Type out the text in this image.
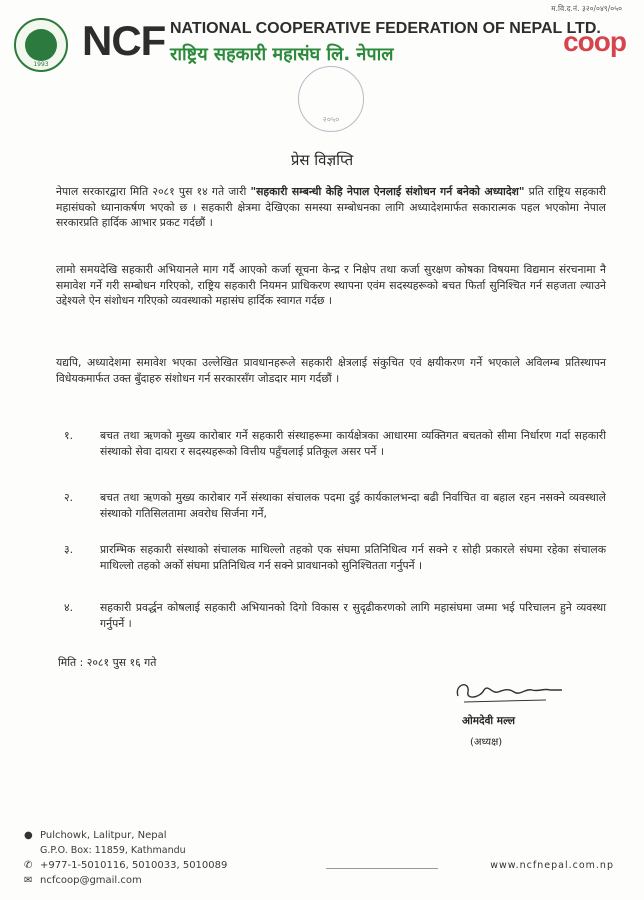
म.वि.द.नं. ३२०/०४९/०५०
1993
NCF NATIONAL COOPERATIVE FEDERATION OF NEPAL LTD.
राष्ट्रिय सहकारी महासंघ लि. नेपाल	coop
२०५०
प्रेस विज्ञप्ति
नेपाल सरकारद्वारा मिति २०८१ पुस १४ गते जारी "सहकारी सम्बन्धी केहि नेपाल ऐनलाई संशोधन गर्न बनेको अध्यादेश" प्रति राष्ट्रिय सहकारी महासंघको ध्यानाकर्षण भएको छ । सहकारी क्षेत्रमा देखिएका समस्या सम्बोधनका लागि अध्यादेशमार्फत सकारात्मक पहल भएकोमा नेपाल सरकारप्रति हार्दिक आभार प्रकट गर्दछौं ।
लामो समयदेखि सहकारी अभियानले माग गर्दै आएको कर्जा सूचना केन्द्र र निक्षेप तथा कर्जा सुरक्षण कोषका विषयमा विद्यमान संरचनामा नै समावेश गर्ने गरी सम्बोधन गरिएको, राष्ट्रिय सहकारी नियमन प्राधिकरण स्थापना एवंम सदस्यहरूको बचत फिर्ता सुनिश्चित गर्न सहजता ल्याउने उद्देश्यले ऐन संशोधन गरिएको व्यवस्थाको महासंघ हार्दिक स्वागत गर्दछ ।
यद्यपि, अध्यादेशमा समावेश भएका उल्लेखित प्रावधानहरूले सहकारी क्षेत्रलाई संकुचित एवं क्षयीकरण गर्ने भएकाले अविलम्ब प्रतिस्थापन विधेयकमार्फत उक्त बुँदाहरु संशोधन गर्न सरकारसँग जोडदार माग गर्दछौं ।
१.	बचत तथा ऋणको मुख्य कारोबार गर्ने सहकारी संस्थाहरूमा कार्यक्षेत्रका आधारमा व्यक्तिगत बचतको सीमा निर्धारण गर्दा सहकारी संस्थाको सेवा दायरा र सदस्यहरूको वित्तीय पहुँचलाई प्रतिकूल असर पर्ने ।
२.	बचत तथा ऋणको मुख्य कारोबार गर्ने संस्थाका संचालक पदमा दुई कार्यकालभन्दा बढी निर्वाचित वा बहाल रहन नसक्ने व्यवस्थाले संस्थाको गतिसिलतामा अवरोध सिर्जना गर्ने,
३.	प्रारम्भिक सहकारी संस्थाको संचालक माथिल्लो तहको एक संघमा प्रतिनिधित्व गर्न सक्ने र सोही प्रकारले संघमा रहेका संचालक माथिल्लो तहको अर्को संघमा प्रतिनिधित्व गर्न सक्ने प्रावधानको सुनिश्चितता गर्नुपर्ने ।
४.	सहकारी प्रवर्द्धन कोषलाई सहकारी अभियानको दिगो विकास र सुदृढीकरणको लागि महासंघमा जम्मा भई परिचालन हुने व्यवस्था गर्नुपर्ने ।
मिति : २०८१ पुस १६ गते
ओमदेवी मल्ल
(अध्यक्ष)
● Pulchowk, Lalitpur, Nepal
G.P.O. Box: 11859, Kathmandu
✆ +977-1-5010116, 5010033, 5010089
✉ ncfcoop@gmail.com
www.ncfnepal.com.np
